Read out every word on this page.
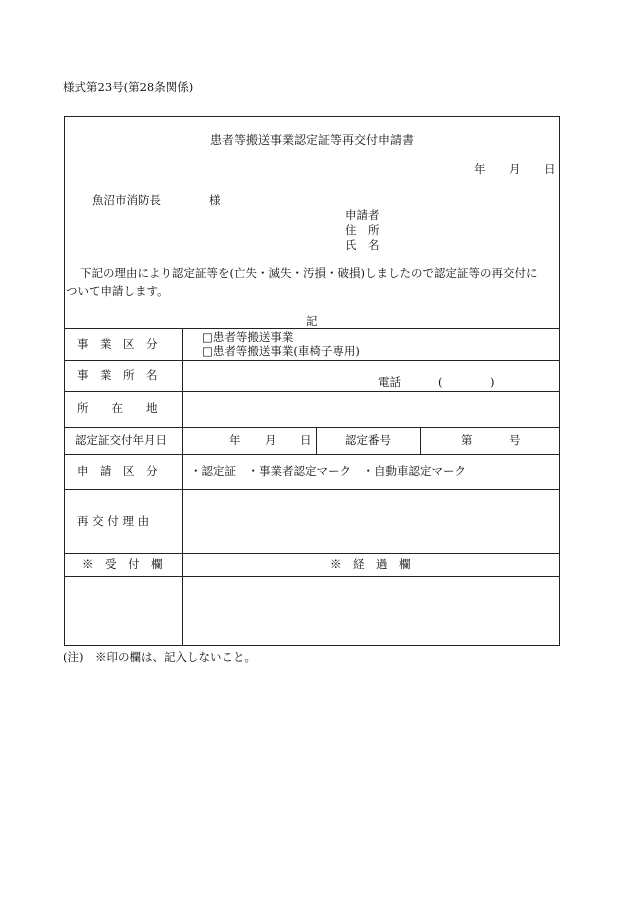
様式第23号(第28条関係)
患者等搬送事業認定証等再交付申請書
年 月 日
魚沼市消防長	様
申請者
住　所
氏　名
下記の理由により認定証等を(亡失・滅失・汚損・破損)しましたので認定証等の再交付に
ついて申請します。
記
事　業　区　分	□患者等搬送事業
□患者等搬送事業(車椅子専用)
事　業　所　名	電話	(	)
所　　在　　地
認定証交付年月日	年 月 日	認定番号	第	号
申　請　区　分	・認定証　・事業者認定マーク　・自動車認定マーク
再 交 付 理 由
※　受　付　欄	※　経　過　欄
(注)　※印の欄は、記入しないこと。
